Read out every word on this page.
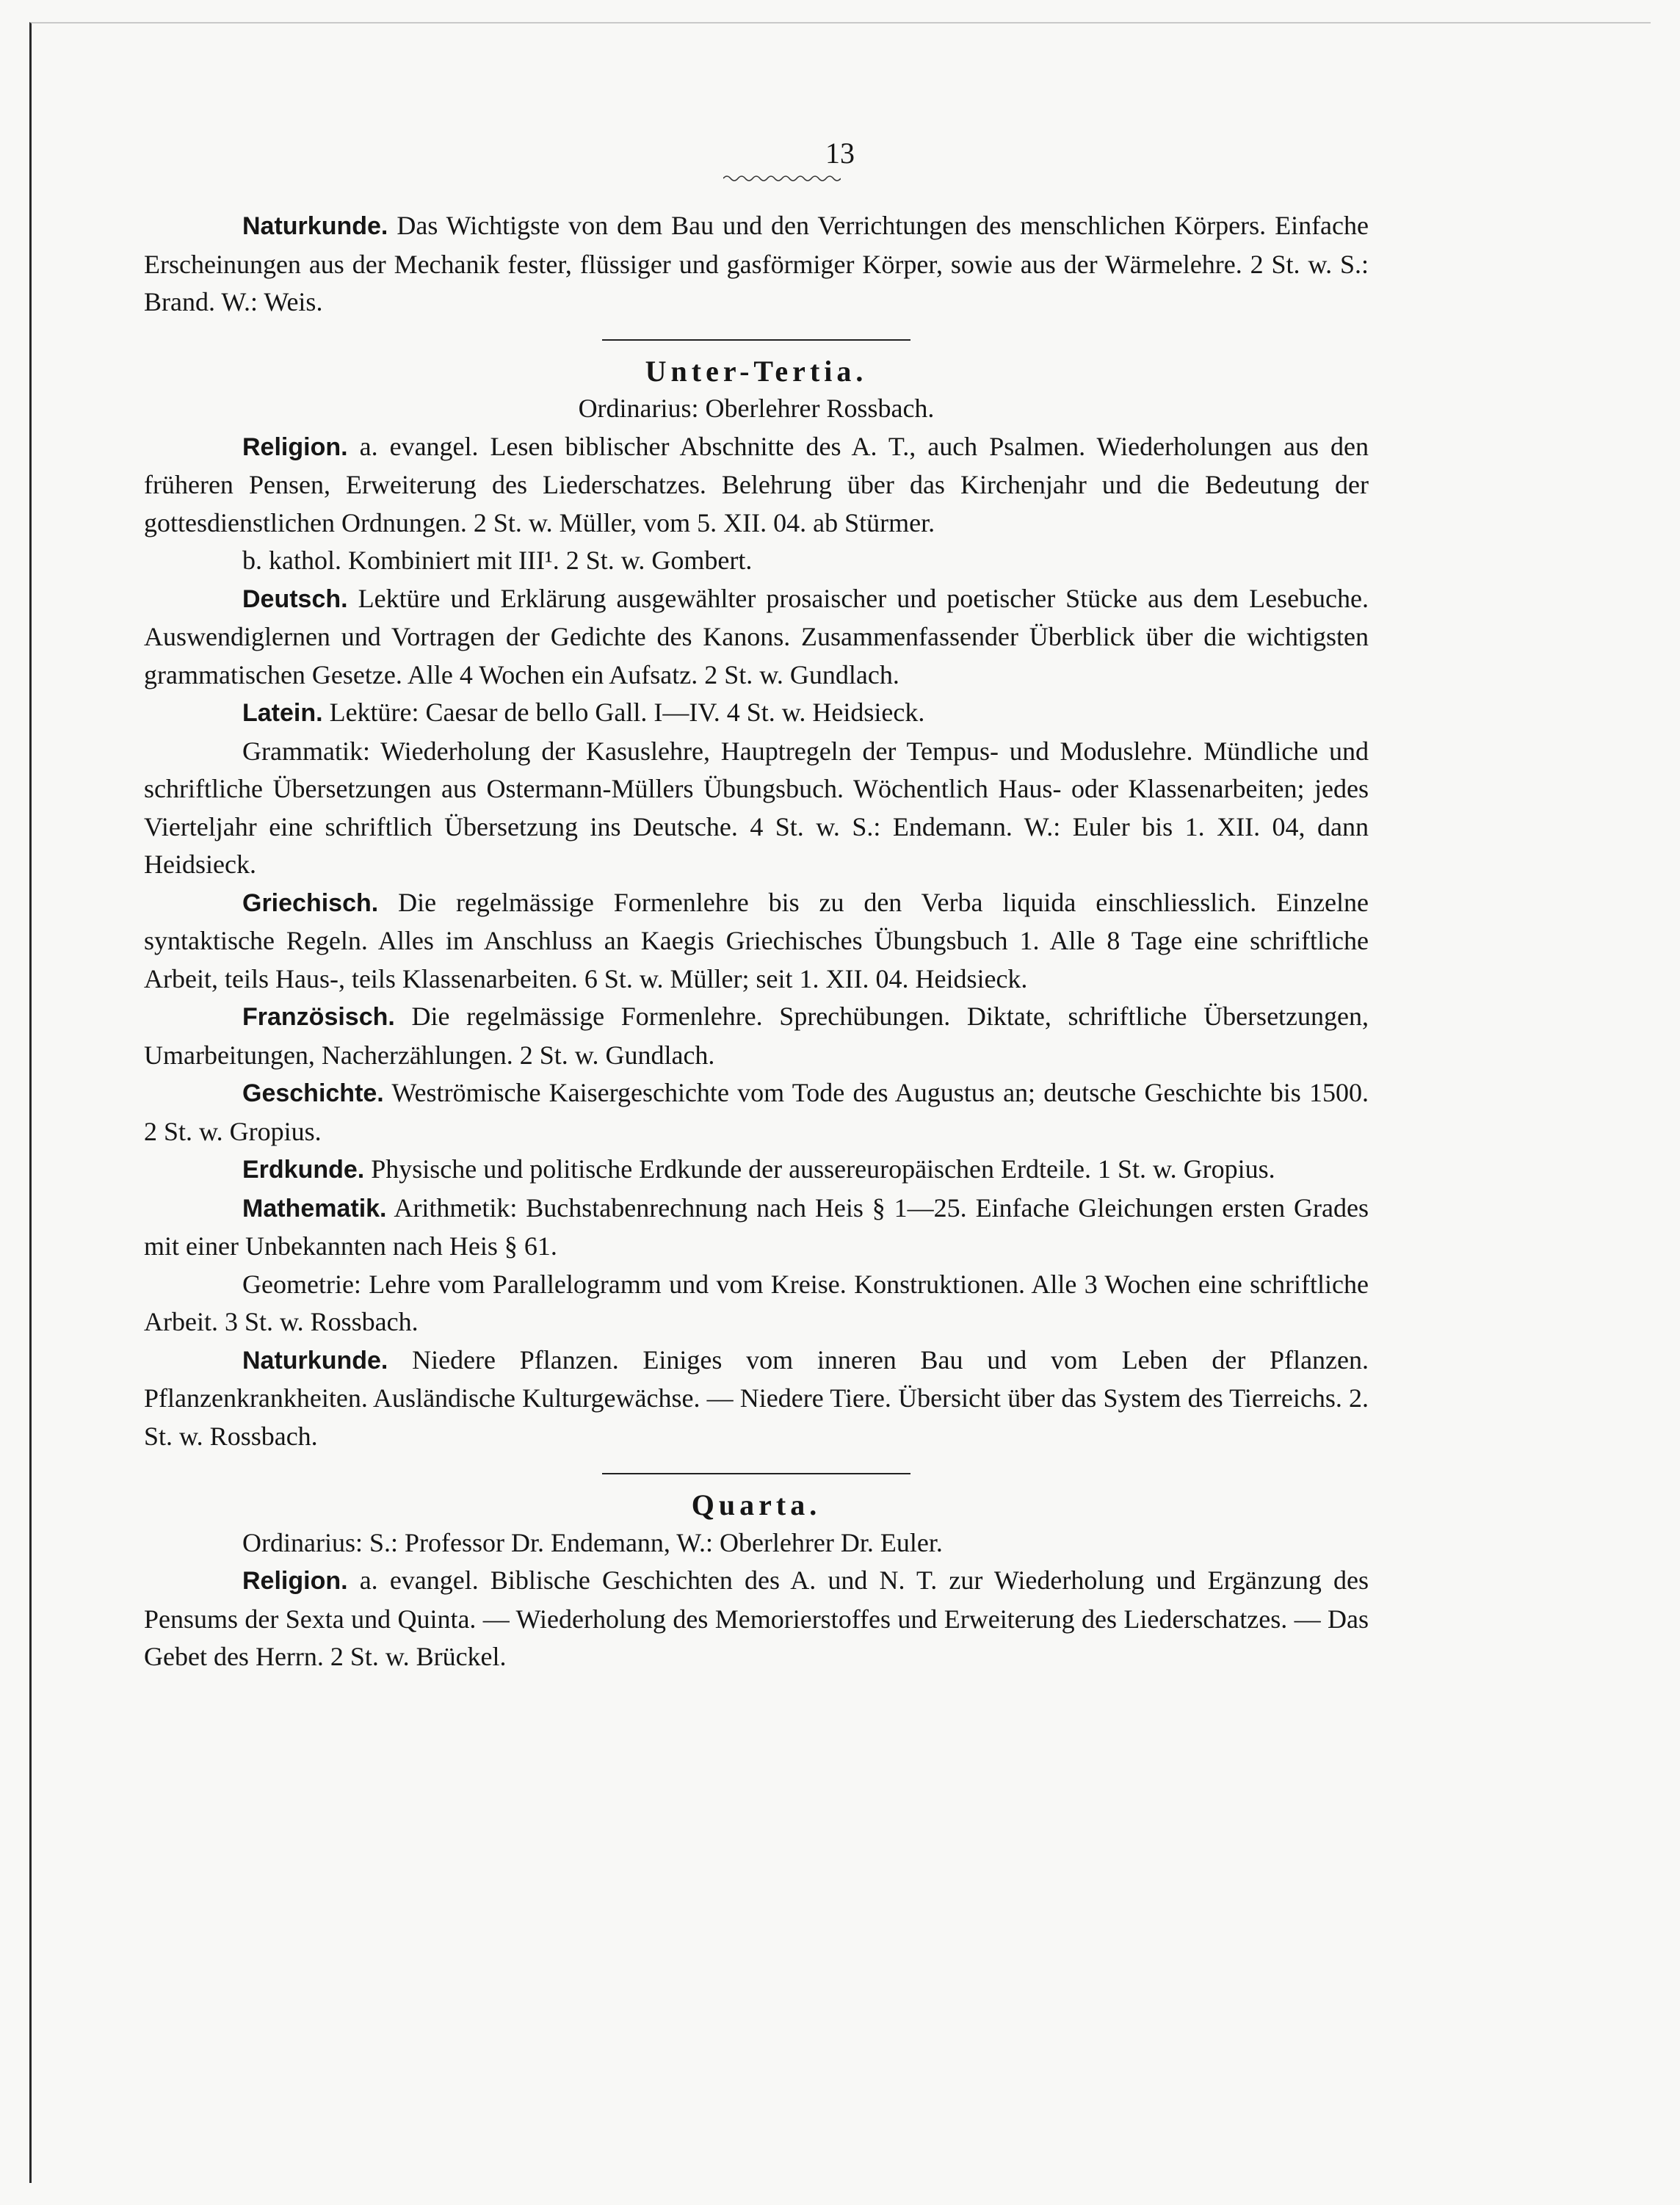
13

Naturkunde. Das Wichtigste von dem Bau und den Verrichtungen des menschlichen Körpers. Einfache Erscheinungen aus der Mechanik fester, flüssiger und gasförmiger Körper, sowie aus der Wärmelehre. 2 St. w. S.: Brand. W.: Weis.

Unter-Tertia.

Ordinarius: Oberlehrer Rossbach.

Religion. a. evangel. Lesen biblischer Abschnitte des A. T., auch Psalmen. Wiederholungen aus den früheren Pensen, Erweiterung des Liederschatzes. Belehrung über das Kirchenjahr und die Bedeutung der gottesdienstlichen Ordnungen. 2 St. w. Müller, vom 5. XII. 04. ab Stürmer.

b. kathol. Kombiniert mit III¹. 2 St. w. Gombert.

Deutsch. Lektüre und Erklärung ausgewählter prosaischer und poetischer Stücke aus dem Lesebuche. Auswendiglernen und Vortragen der Gedichte des Kanons. Zusammenfassender Überblick über die wichtigsten grammatischen Gesetze. Alle 4 Wochen ein Aufsatz. 2 St. w. Gundlach.

Latein. Lektüre: Caesar de bello Gall. I—IV. 4 St. w. Heidsieck.

Grammatik: Wiederholung der Kasuslehre, Hauptregeln der Tempus- und Moduslehre. Mündliche und schriftliche Übersetzungen aus Ostermann-Müllers Übungsbuch. Wöchentlich Haus- oder Klassenarbeiten; jedes Vierteljahr eine schriftlich Übersetzung ins Deutsche. 4 St. w. S.: Endemann. W.: Euler bis 1. XII. 04, dann Heidsieck.

Griechisch. Die regelmässige Formenlehre bis zu den Verba liquida einschliesslich. Einzelne syntaktische Regeln. Alles im Anschluss an Kaegis Griechisches Übungsbuch 1. Alle 8 Tage eine schriftliche Arbeit, teils Haus-, teils Klassenarbeiten. 6 St. w. Müller; seit 1. XII. 04. Heidsieck.

Französisch. Die regelmässige Formenlehre. Sprechübungen. Diktate, schriftliche Übersetzungen, Umarbeitungen, Nacherzählungen. 2 St. w. Gundlach.

Geschichte. Weströmische Kaisergeschichte vom Tode des Augustus an; deutsche Geschichte bis 1500. 2 St. w. Gropius.

Erdkunde. Physische und politische Erdkunde der aussereuropäischen Erdteile. 1 St. w. Gropius.

Mathematik. Arithmetik: Buchstabenrechnung nach Heis § 1—25. Einfache Gleichungen ersten Grades mit einer Unbekannten nach Heis § 61.

Geometrie: Lehre vom Parallelogramm und vom Kreise. Konstruktionen. Alle 3 Wochen eine schriftliche Arbeit. 3 St. w. Rossbach.

Naturkunde. Niedere Pflanzen. Einiges vom inneren Bau und vom Leben der Pflanzen. Pflanzenkrankheiten. Ausländische Kulturgewächse. — Niedere Tiere. Übersicht über das System des Tierreichs. 2. St. w. Rossbach.

Quarta.

Ordinarius: S.: Professor Dr. Endemann, W.: Oberlehrer Dr. Euler.

Religion. a. evangel. Biblische Geschichten des A. und N. T. zur Wiederholung und Ergänzung des Pensums der Sexta und Quinta. — Wiederholung des Memorierstoffes und Erweiterung des Liederschatzes. — Das Gebet des Herrn. 2 St. w. Brückel.
